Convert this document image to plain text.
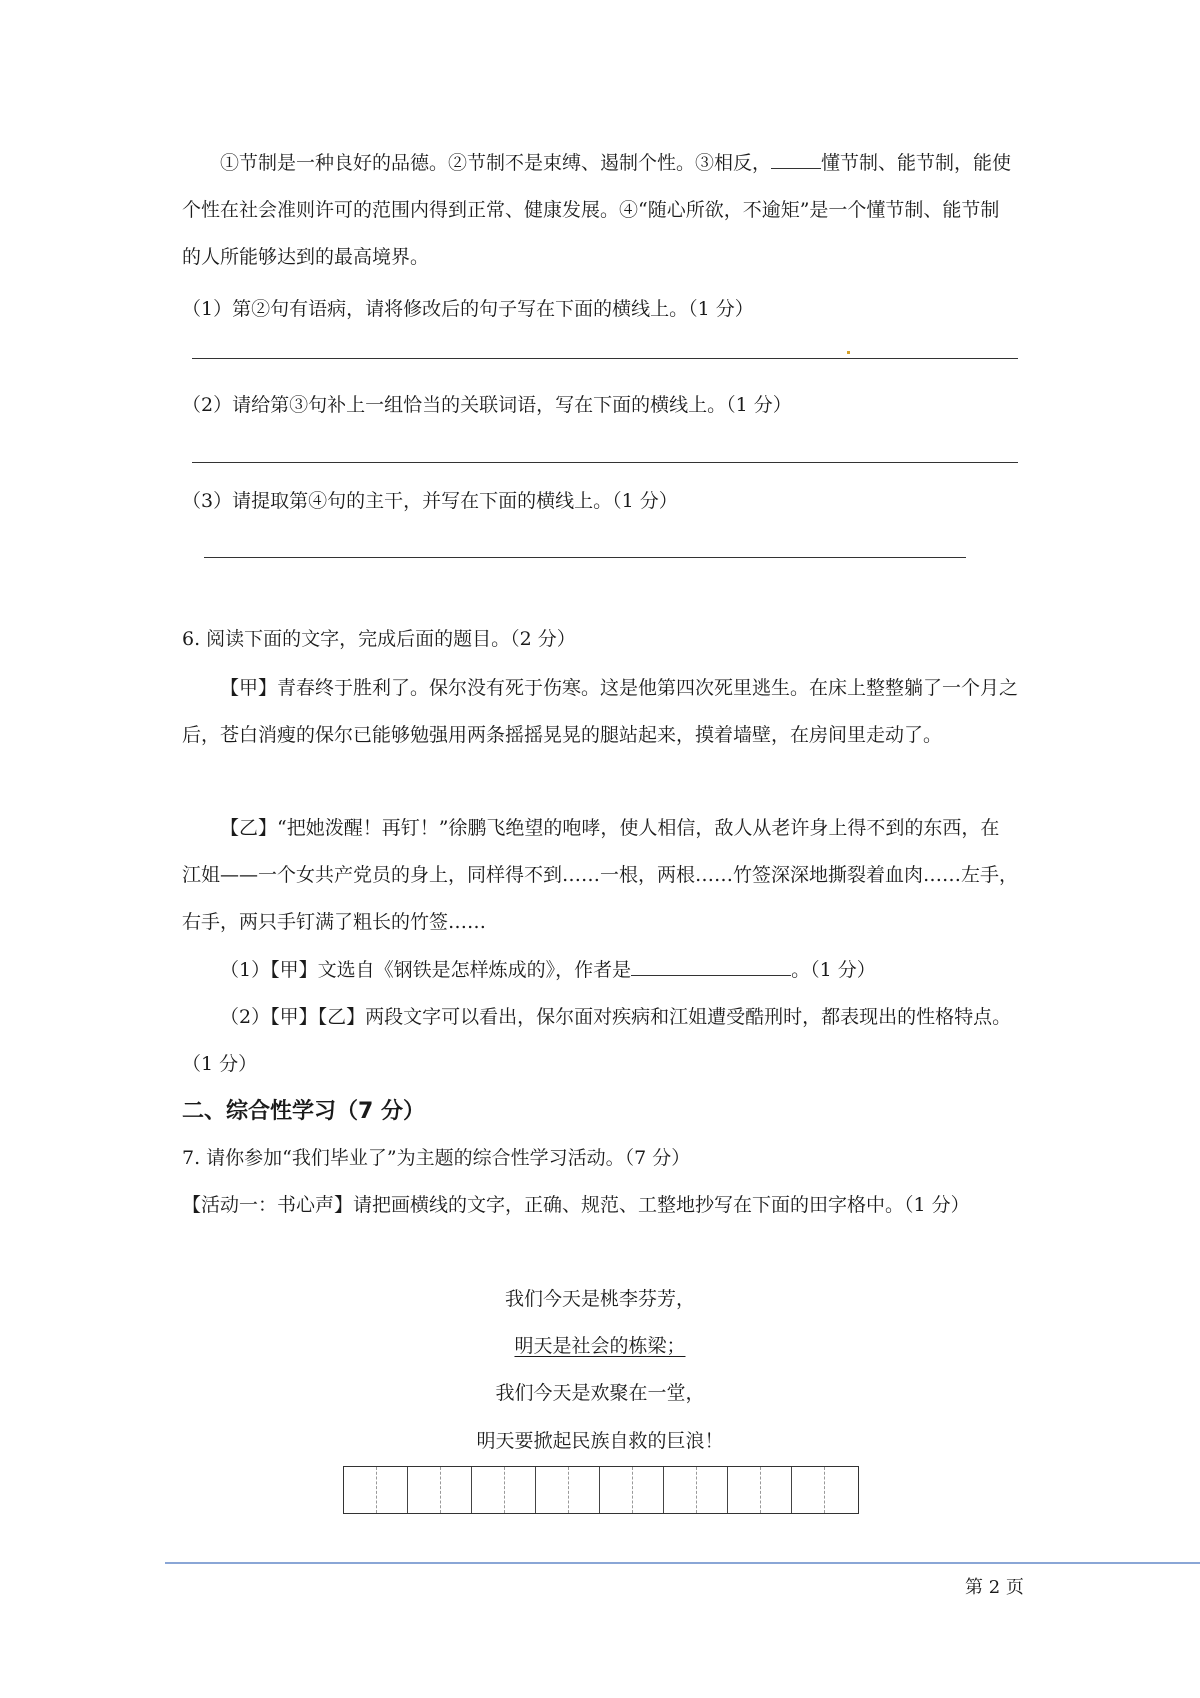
①节制是一种良好的品德。②节制不是束缚、遏制个性。③相反，	懂节制、能节制，能使个性在社会准则许可的范围内得到正常、健康发展。④“随心所欲，不逾矩”是一个懂节制、能节制的人所能够达到的最高境界。

（1）第②句有语病，请将修改后的句子写在下面的横线上。（1 分）

（2）请给第③句补上一组恰当的关联词语，写在下面的横线上。（1 分）

（3）请提取第④句的主干，并写在下面的横线上。（1 分）

6. 阅读下面的文字，完成后面的题目。（2 分）

【甲】青春终于胜利了。保尔没有死于伤寒。这是他第四次死里逃生。在床上整整躺了一个月之后，苍白消瘦的保尔已能够勉强用两条摇摇晃晃的腿站起来，摸着墙壁，在房间里走动了。

【乙】“把她泼醒！再钉！”徐鹏飞绝望的咆哮，使人相信，敌人从老许身上得不到的东西，在江姐——一个女共产党员的身上，同样得不到……一根，两根……竹签深深地撕裂着血肉……左手，右手，两只手钉满了粗长的竹签……

（1）【甲】文选自《钢铁是怎样炼成的》，作者是	。（1 分）

（2）【甲】【乙】两段文字可以看出，保尔面对疾病和江姐遭受酷刑时，都表现出的性格特点。（1 分）

二、综合性学习（7 分）

7. 请你参加“我们毕业了”为主题的综合性学习活动。（7 分）

【活动一：书心声】请把画横线的文字，正确、规范、工整地抄写在下面的田字格中。（1 分）

我们今天是桃李芬芳，
明天是社会的栋梁；
我们今天是欢聚在一堂，
明天要掀起民族自救的巨浪！
第 2 页
